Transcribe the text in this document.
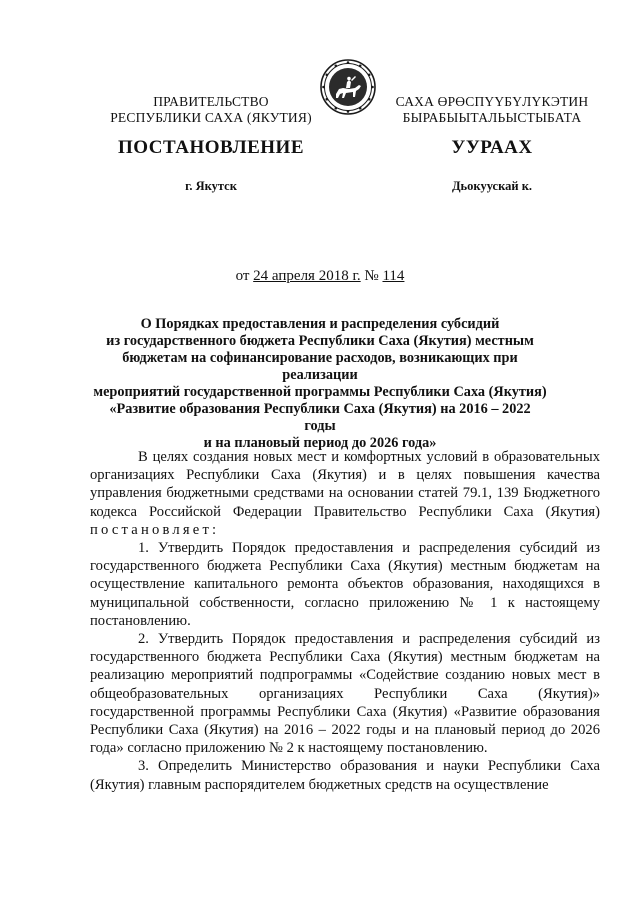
ПРАВИТЕЛЬСТВО
РЕСПУБЛИКИ САХА (ЯКУТИЯ)
САХА ӨРӨСПҮҮБҮЛҮКЭТИН
БЫРАБЫЫТАЛЬЫСТЫБАТА
ПОСТАНОВЛЕНИЕ	УУРААХ
г. Якутск	Дьокуускай к.
от 24 апреля 2018 г. № 114
О Порядках предоставления и распределения субсидий
из государственного бюджета Республики Саха (Якутия) местным
бюджетам на софинансирование расходов, возникающих при реализации
мероприятий государственной программы Республики Саха (Якутия)
«Развитие образования Республики Саха (Якутия) на 2016 – 2022 годы
и на плановый период до 2026 года»

В целях создания новых мест и комфортных условий в образовательных организациях Республики Саха (Якутия) и в целях повышения качества управления бюджетными средствами на основании статей 79.1, 139 Бюджетного кодекса Российской Федерации Правительство Республики Саха (Якутия) постановляет:

1. Утвердить Порядок предоставления и распределения субсидий из государственного бюджета Республики Саха (Якутия) местным бюджетам на осуществление капитального ремонта объектов образования, находящихся в муниципальной собственности, согласно приложению № 1 к настоящему постановлению.

2. Утвердить Порядок предоставления и распределения субсидий из государственного бюджета Республики Саха (Якутия) местным бюджетам на реализацию мероприятий подпрограммы «Содействие созданию новых мест в общеобразовательных организациях Республики Саха (Якутия)» государственной программы Республики Саха (Якутия) «Развитие образования Республики Саха (Якутия) на 2016 – 2022 годы и на плановый период до 2026 года» согласно приложению № 2 к настоящему постановлению.

3. Определить Министерство образования и науки Республики Саха (Якутия) главным распорядителем бюджетных средств на осуществление
